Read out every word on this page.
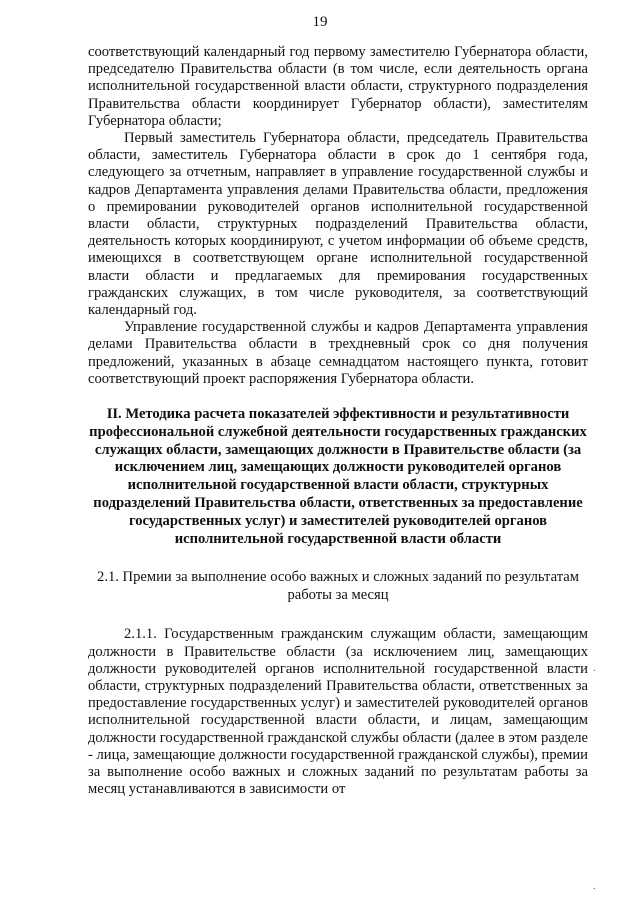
19

соответствующий календарный год первому заместителю Губернатора области, председателю Правительства области (в том числе, если деятельность органа исполнительной государственной власти области, структурного подразделения Правительства области координирует Губернатор области), заместителям Губернатора области;

Первый заместитель Губернатора области, председатель Правительства области, заместитель Губернатора области в срок до 1 сентября года, следующего за отчетным, направляет в управление государственной службы и кадров Департамента управления делами Правительства области, предложения о премировании руководителей органов исполнительной государственной власти области, структурных подразделений Правительства области, деятельность которых координируют, с учетом информации об объеме средств, имеющихся в соответствующем органе исполнительной государственной власти области и предлагаемых для премирования государственных гражданских служащих, в том числе руководителя, за соответствующий календарный год.

Управление государственной службы и кадров Департамента управления делами Правительства области в трехдневный срок со дня получения предложений, указанных в абзаце семнадцатом настоящего пункта, готовит соответствующий проект распоряжения Губернатора области.

II. Методика расчета показателей эффективности и результативности профессиональной служебной деятельности государственных гражданских служащих области, замещающих должности в Правительстве области (за исключением лиц, замещающих должности руководителей органов исполнительной государственной власти области, структурных подразделений Правительства области, ответственных за предоставление государственных услуг) и заместителей руководителей органов исполнительной государственной власти области
2.1. Премии за выполнение особо важных и сложных заданий по результатам работы за месяц

2.1.1. Государственным гражданским служащим области, замещающим должности в Правительстве области (за исключением лиц, замещающих должности руководителей органов исполнительной государственной власти области, структурных подразделений Правительства области, ответственных за предоставление государственных услуг) и заместителей руководителей органов исполнительной государственной власти области, и лицам, замещающим должности государственной гражданской службы области (далее в этом разделе - лица, замещающие должности государственной гражданской службы), премии за выполнение особо важных и сложных заданий по результатам работы за месяц устанавливаются в зависимости от

·
·
